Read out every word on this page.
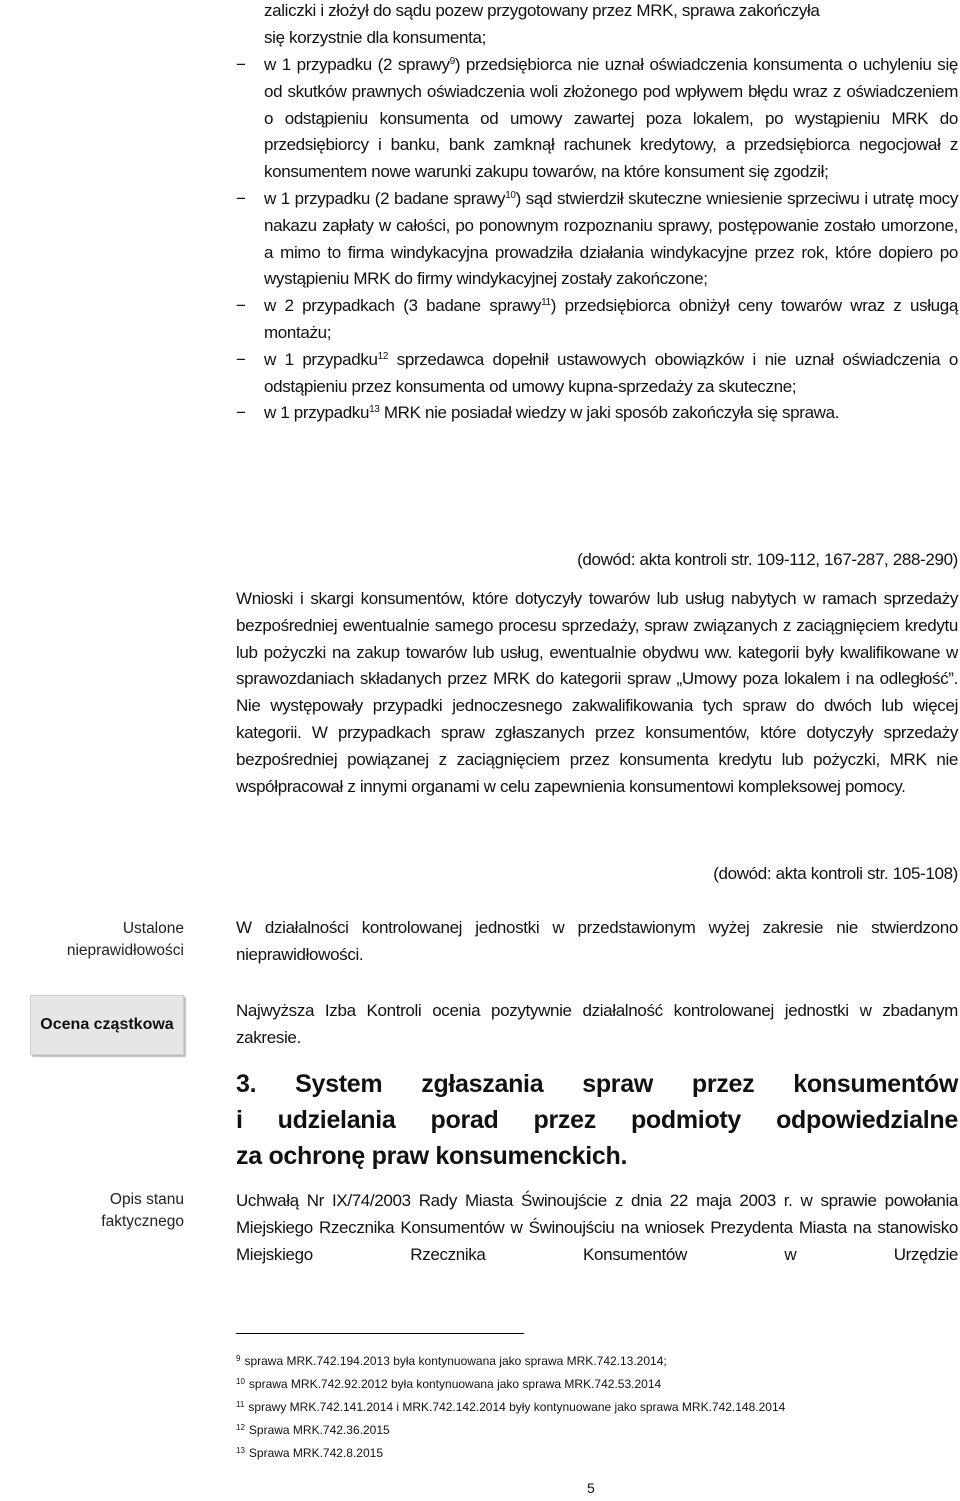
zaliczki i złożył do sądu pozew przygotowany przez MRK, sprawa zakończyła
się korzystnie dla konsumenta;
− w 1 przypadku (2 sprawy$^9$) przedsiębiorca nie uznał oświadczenia konsumenta o uchyleniu się od skutków prawnych oświadczenia woli złożonego pod wpływem błędu wraz z oświadczeniem o odstąpieniu konsumenta od umowy zawartej poza lokalem, po wystąpieniu MRK do przedsiębiorcy i banku, bank zamknął rachunek kredytowy, a przedsiębiorca negocjował z konsumentem nowe warunki zakupu towarów, na które konsument się zgodził;
− w 1 przypadku (2 badane sprawy$^{10}$) sąd stwierdził skuteczne wniesienie sprzeciwu i utratę mocy nakazu zapłaty w całości, po ponownym rozpoznaniu sprawy, postępowanie zostało umorzone, a mimo to firma windykacyjna prowadziła działania windykacyjne przez rok, które dopiero po wystąpieniu MRK do firmy windykacyjnej zostały zakończone;
− w 2 przypadkach (3 badane sprawy$^{11}$) przedsiębiorca obniżył ceny towarów wraz z usługą montażu;
− w 1 przypadku$^{12}$ sprzedawca dopełnił ustawowych obowiązków i nie uznał oświadczenia o odstąpieniu przez konsumenta od umowy kupna-sprzedaży za skuteczne;
− w 1 przypadku$^{13}$ MRK nie posiadał wiedzy w jaki sposób zakończyła się sprawa.
(dowód: akta kontroli str. 109-112, 167-287, 288-290)
Wnioski i skargi konsumentów, które dotyczyły towarów lub usług nabytych w ramach sprzedaży bezpośredniej ewentualnie samego procesu sprzedaży, spraw związanych z zaciągnięciem kredytu lub pożyczki na zakup towarów lub usług, ewentualnie obydwu ww. kategorii były kwalifikowane w sprawozdaniach składanych przez MRK do kategorii spraw „Umowy poza lokalem i na odległość”. Nie występowały przypadki jednoczesnego zakwalifikowania tych spraw do dwóch lub więcej kategorii. W przypadkach spraw zgłaszanych przez konsumentów, które dotyczyły sprzedaży bezpośredniej powiązanej z zaciągnięciem przez konsumenta kredytu lub pożyczki, MRK nie współpracował z innymi organami w celu zapewnienia konsumentowi kompleksowej pomocy.
(dowód: akta kontroli str. 105-108)
Ustalone
nieprawidłowości
Ocena cząstkowa
Opis stanu
faktycznego
W działalności kontrolowanej jednostki w przedstawionym wyżej zakresie nie stwierdzono nieprawidłowości.
Najwyższa Izba Kontroli ocenia pozytywnie działalność kontrolowanej jednostki w zbadanym zakresie.
3. System zgłaszania spraw przez konsumentów
i udzielania porad przez podmioty odpowiedzialne
za ochronę praw konsumenckich.
Uchwałą Nr IX/74/2003 Rady Miasta Świnoujście z dnia 22 maja 2003 r. w sprawie powołania Miejskiego Rzecznika Konsumentów w Świnoujściu na wniosek Prezydenta Miasta na stanowisko Miejskiego Rzecznika Konsumentów w Urzędzie
$^9$ sprawa MRK.742.194.2013 była kontynuowana jako sprawa MRK.742.13.2014;
$^{10}$ sprawa MRK.742.92.2012 była kontynuowana jako sprawa MRK.742.53.2014
$^{11}$ sprawy MRK.742.141.2014 i MRK.742.142.2014 były kontynuowane jako sprawa MRK.742.148.2014
$^{12}$ Sprawa MRK.742.36.2015
$^{13}$ Sprawa MRK.742.8.2015
5
